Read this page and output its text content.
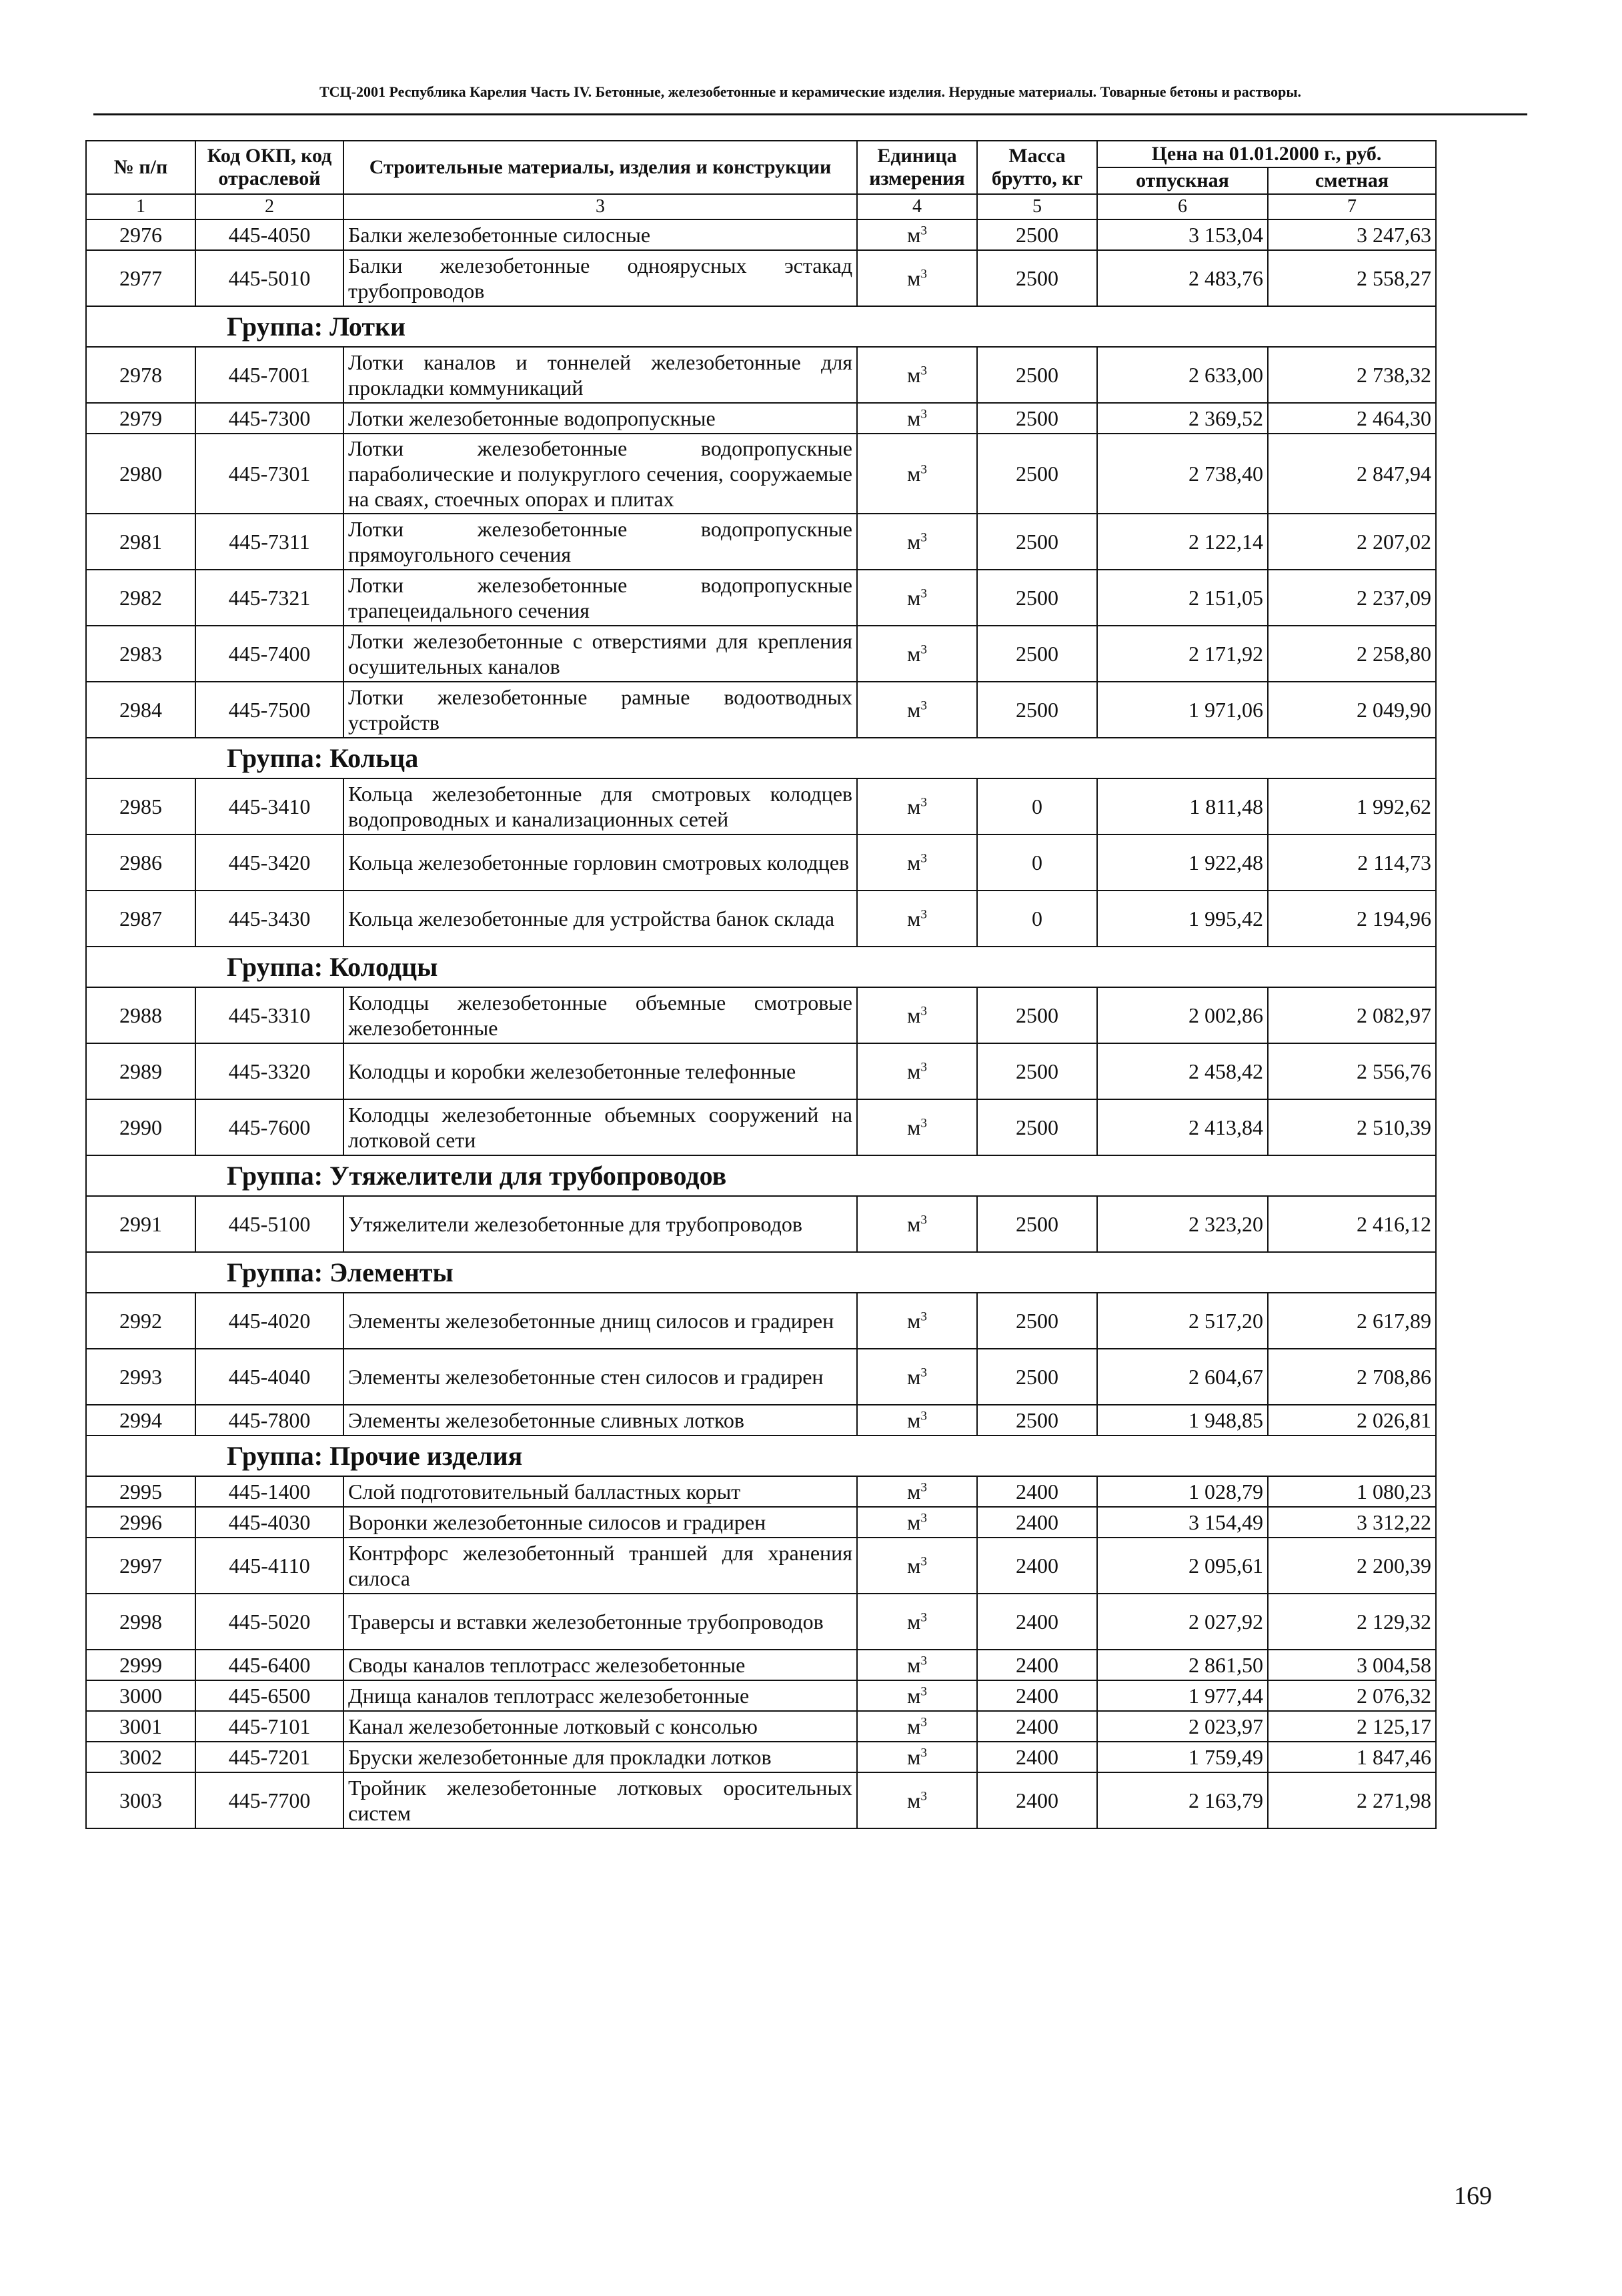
ТСЦ-2001 Республика Карелия Часть IV. Бетонные, железобетонные и керамические изделия. Нерудные материалы. Товарные бетоны и растворы.
№ п/п	Код ОКП, код отраслевой	Строительные материалы, изделия и конструкции	Единица измерения	Масса брутто, кг	Цена на 01.01.2000 г., руб.	
					отпускная	сметная
1	2	3	4	5	6	7
2976	445-4050	Балки железобетонные силосные	$м^3$	2500	3 153,04	3 247,63
2977	445-5010	Балки железобетонные одноярусных эстакад трубопроводов	$м^3$	2500	2 483,76	2 558,27
Группа: Лотки						
2978	445-7001	Лотки каналов и тоннелей железобетонные для прокладки коммуникаций	$м^3$	2500	2 633,00	2 738,32
2979	445-7300	Лотки железобетонные водопропускные	$м^3$	2500	2 369,52	2 464,30
2980	445-7301	Лотки железобетонные водопропускные параболические и полукруглого сечения, сооружаемые на сваях, стоечных опорах и плитах	$м^3$	2500	2 738,40	2 847,94
2981	445-7311	Лотки железобетонные водопропускные прямоугольного сечения	$м^3$	2500	2 122,14	2 207,02
2982	445-7321	Лотки железобетонные водопропускные трапецеидального сечения	$м^3$	2500	2 151,05	2 237,09
2983	445-7400	Лотки железобетонные с отверстиями для крепления осушительных каналов	$м^3$	2500	2 171,92	2 258,80
2984	445-7500	Лотки железобетонные рамные водоотводных устройств	$м^3$	2500	1 971,06	2 049,90
Группа: Кольца						
2985	445-3410	Кольца железобетонные для смотровых колодцев водопроводных и канализационных сетей	$м^3$	0	1 811,48	1 992,62
2986	445-3420	Кольца железобетонные горловин смотровых колодцев	$м^3$	0	1 922,48	2 114,73
2987	445-3430	Кольца железобетонные для устройства банок склада	$м^3$	0	1 995,42	2 194,96
Группа: Колодцы						
2988	445-3310	Колодцы железобетонные объемные смотровые железобетонные	$м^3$	2500	2 002,86	2 082,97
2989	445-3320	Колодцы и коробки железобетонные телефонные	$м^3$	2500	2 458,42	2 556,76
2990	445-7600	Колодцы железобетонные объемных сооружений на лотковой сети	$м^3$	2500	2 413,84	2 510,39
Группа: Утяжелители для трубопроводов						
2991	445-5100	Утяжелители железобетонные для трубопроводов	$м^3$	2500	2 323,20	2 416,12
Группа: Элементы						
2992	445-4020	Элементы железобетонные днищ силосов и градирен	$м^3$	2500	2 517,20	2 617,89
2993	445-4040	Элементы железобетонные стен силосов и градирен	$м^3$	2500	2 604,67	2 708,86
2994	445-7800	Элементы железобетонные сливных лотков	$м^3$	2500	1 948,85	2 026,81
Группа: Прочие изделия						
2995	445-1400	Слой подготовительный балластных корыт	$м^3$	2400	1 028,79	1 080,23
2996	445-4030	Воронки железобетонные силосов и градирен	$м^3$	2400	3 154,49	3 312,22
2997	445-4110	Контрфорс железобетонный траншей для хранения силоса	$м^3$	2400	2 095,61	2 200,39
2998	445-5020	Траверсы и вставки железобетонные трубопроводов	$м^3$	2400	2 027,92	2 129,32
2999	445-6400	Своды каналов теплотрасс железобетонные	$м^3$	2400	2 861,50	3 004,58
3000	445-6500	Днища каналов теплотрасс железобетонные	$м^3$	2400	1 977,44	2 076,32
3001	445-7101	Канал железобетонные лотковый с консолью	$м^3$	2400	2 023,97	2 125,17
3002	445-7201	Бруски железобетонные для прокладки лотков	$м^3$	2400	1 759,49	1 847,46
3003	445-7700	Тройник железобетонные лотковых оросительных систем	$м^3$	2400	2 163,79	2 271,98
169
